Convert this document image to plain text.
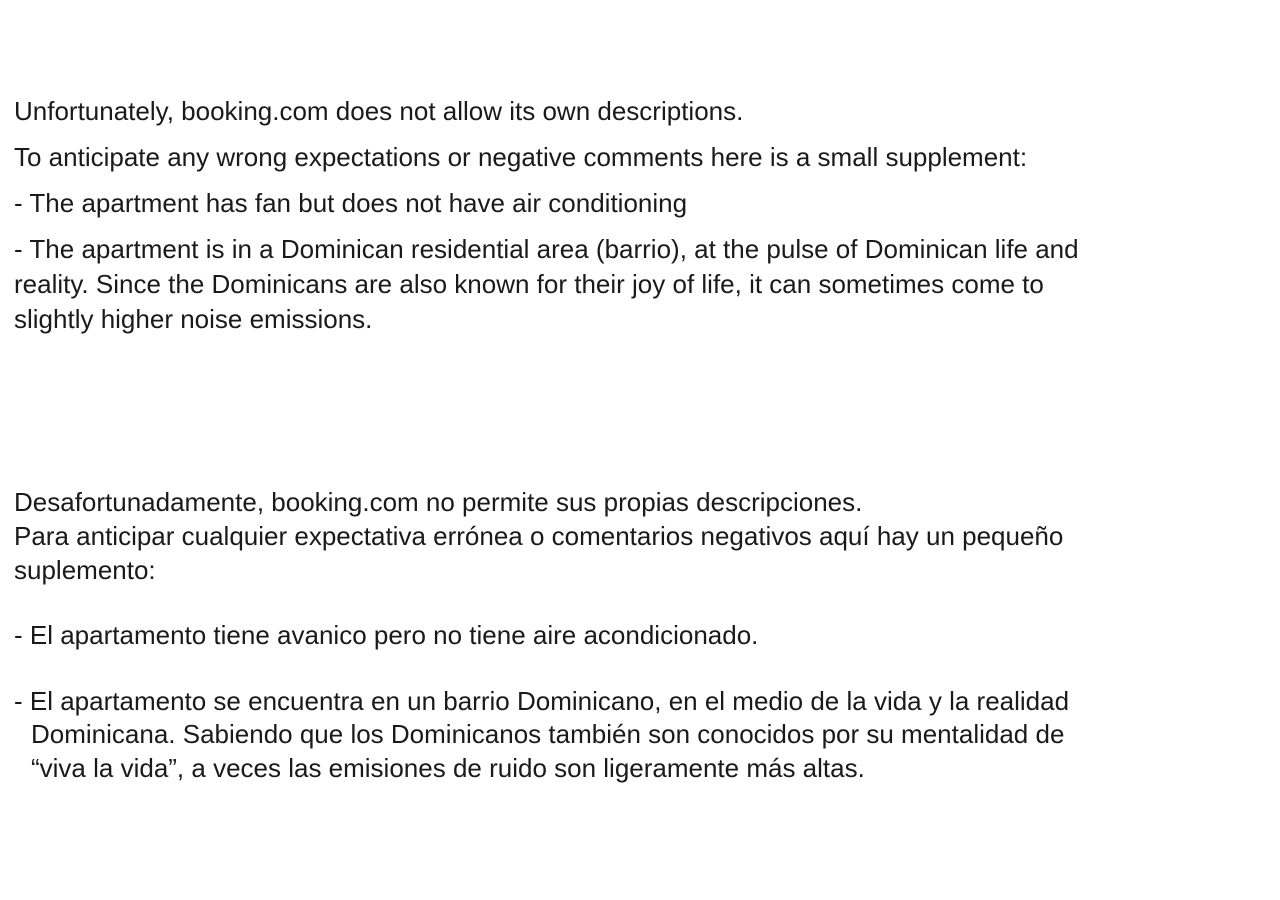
Unfortunately, booking.com does not allow its own descriptions.

To anticipate any wrong expectations or negative comments here is a small supplement:

- The apartment has fan but does not have air conditioning

- The apartment is in a Dominican residential area (barrio), at the pulse of Dominican life and

reality. Since the Dominicans are also known for their joy of life, it can sometimes come to

slightly higher noise emissions.

Desafortunadamente, booking.com no permite sus propias descripciones.

Para anticipar cualquier expectativa errónea o comentarios negativos aquí hay un pequeño

suplemento:

- El apartamento tiene avanico pero no tiene aire acondicionado.

- El apartamento se encuentra en un barrio Dominicano, en el medio de la vida y la realidad

Dominicana. Sabiendo que los Dominicanos también son conocidos por su mentalidad de

“viva la vida”, a veces las emisiones de ruido son ligeramente más altas.
